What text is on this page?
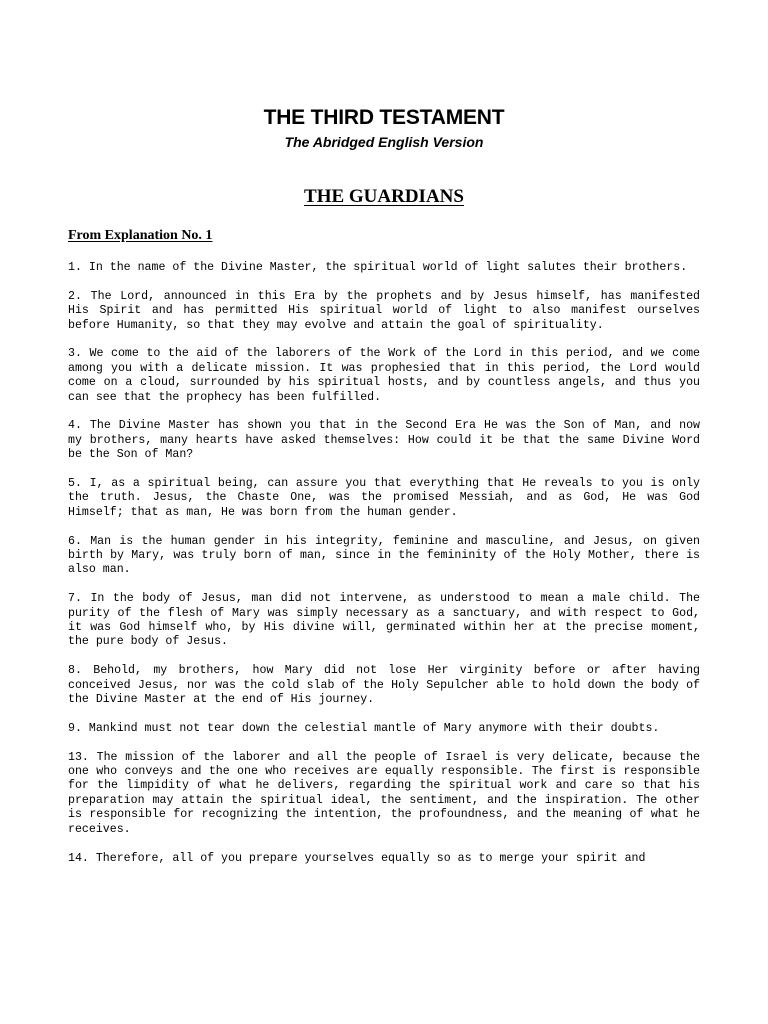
THE THIRD TESTAMENT
The Abridged English Version
THE GUARDIANS
From Explanation No. 1

1. In the name of the Divine Master, the spiritual world of light salutes their brothers.

2. The Lord, announced in this Era by the prophets and by Jesus himself, has manifested His Spirit and has permitted His spiritual world of light to also manifest ourselves before Humanity, so that they may evolve and attain the goal of spirituality.

3. We come to the aid of the laborers of the Work of the Lord in this period, and we come among you with a delicate mission. It was prophesied that in this period, the Lord would come on a cloud, surrounded by his spiritual hosts, and by countless angels, and thus you can see that the prophecy has been fulfilled.

4. The Divine Master has shown you that in the Second Era He was the Son of Man, and now my brothers, many hearts have asked themselves: How could it be that the same Divine Word be the Son of Man?

5. I, as a spiritual being, can assure you that everything that He reveals to you is only the truth. Jesus, the Chaste One, was the promised Messiah, and as God, He was God Himself; that as man, He was born from the human gender.

6. Man is the human gender in his integrity, feminine and masculine, and Jesus, on given birth by Mary, was truly born of man, since in the femininity of the Holy Mother, there is also man.

7. In the body of Jesus, man did not intervene, as understood to mean a male child. The purity of the flesh of Mary was simply necessary as a sanctuary, and with respect to God, it was God himself who, by His divine will, germinated within her at the precise moment, the pure body of Jesus.

8. Behold, my brothers, how Mary did not lose Her virginity before or after having conceived Jesus, nor was the cold slab of the Holy Sepulcher able to hold down the body of the Divine Master at the end of His journey.

9. Mankind must not tear down the celestial mantle of Mary anymore with their doubts.

13. The mission of the laborer and all the people of Israel is very delicate, because the one who conveys and the one who receives are equally responsible. The first is responsible for the limpidity of what he delivers, regarding the spiritual work and care so that his preparation may attain the spiritual ideal, the sentiment, and the inspiration. The other is responsible for recognizing the intention, the profoundness, and the meaning of what he receives.

14. Therefore, all of you prepare yourselves equally so as to merge your spirit and
